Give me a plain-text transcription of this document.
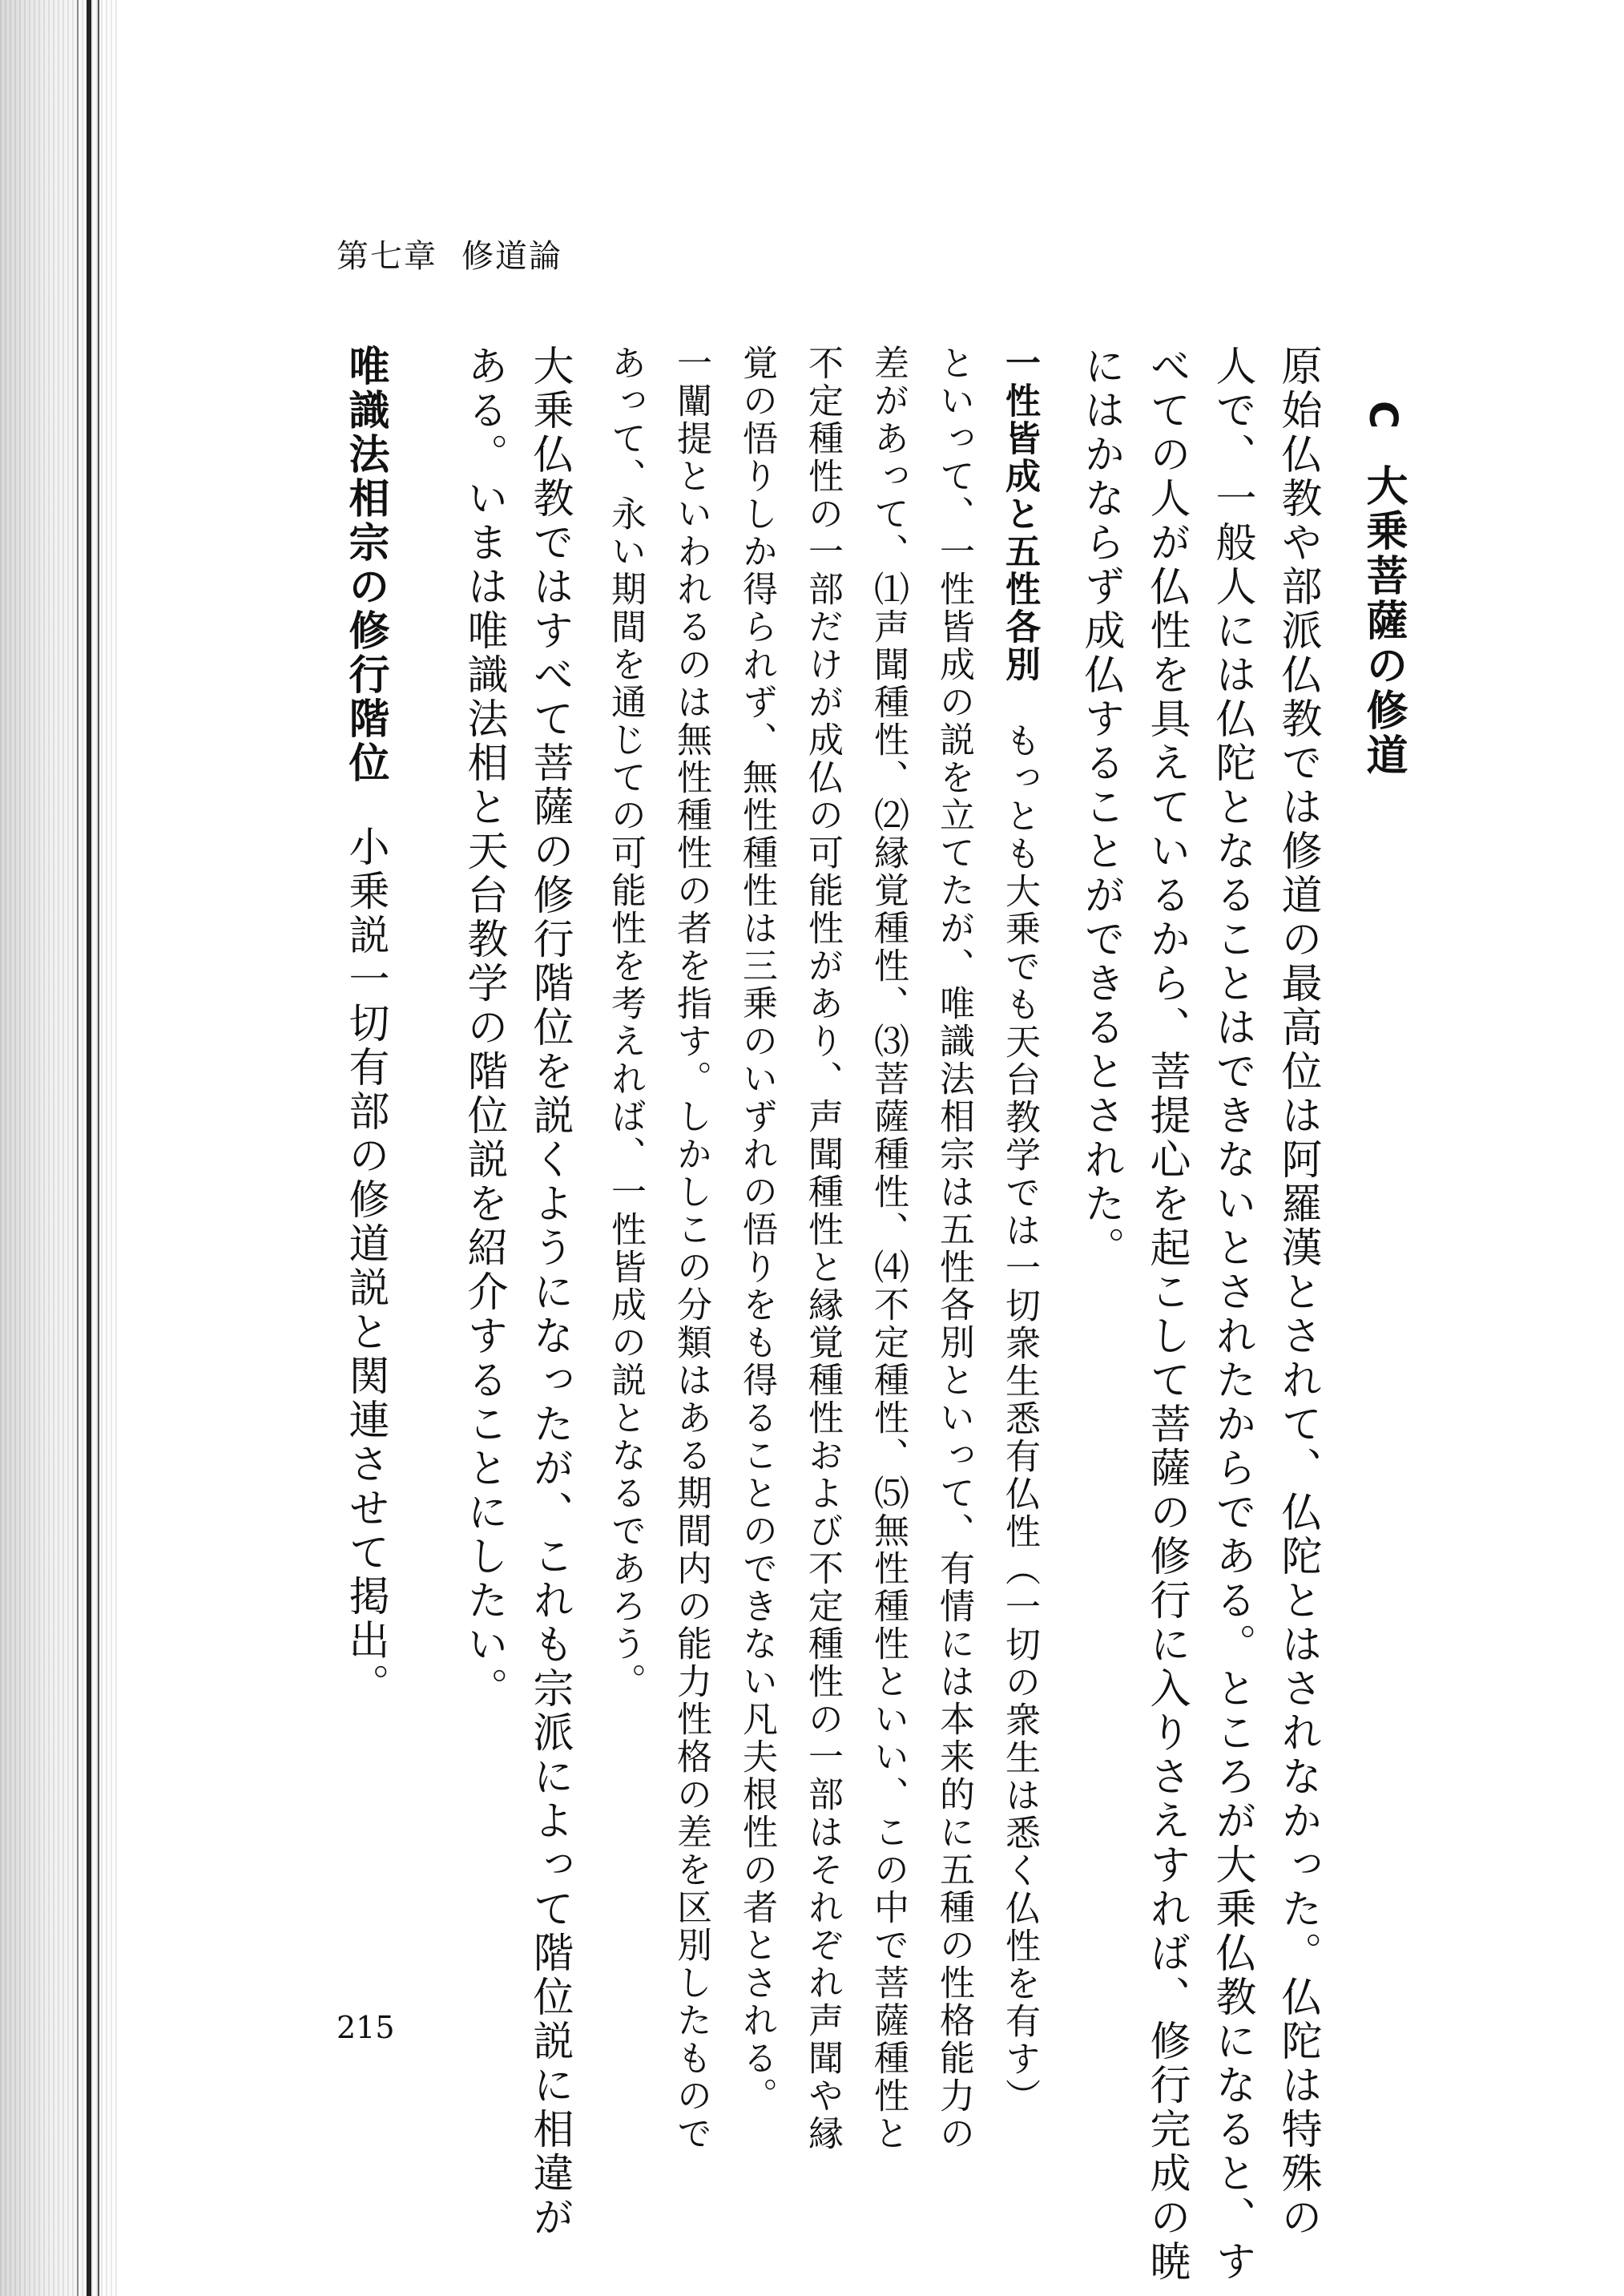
第七章 修道論
C大乗菩薩の修道
原始仏教や部派仏教では修道の最高位は阿羅漢とされて、仏陀とはされなかった。仏陀は特殊の
人で、一般人には仏陀となることはできないとされたからである。ところが大乗仏教になると、す
べての人が仏性を具えているから、菩提心を起こして菩薩の修行に入りさえすれば、修行完成の暁
にはかならず成仏することができるとされた。
一性皆成と五性各別もっとも大乗でも天台教学では一切衆生悉有仏性（一切の衆生は悉く仏性を有す）
といって、一性皆成の説を立てたが、唯識法相宗は五性各別といって、有情には本来的に五種の性格能力の
差があって、⑴声聞種性、⑵縁覚種性、⑶菩薩種性、⑷不定種性、⑸無性種性といい、この中で菩薩種性と
不定種性の一部だけが成仏の可能性があり、声聞種性と縁覚種性および不定種性の一部はそれぞれ声聞や縁
覚の悟りしか得られず、無性種性は三乗のいずれの悟りをも得ることのできない凡夫根性の者とされる。
一闡提といわれるのは無性種性の者を指す。しかしこの分類はある期間内の能力性格の差を区別したもので
あって、永い期間を通じての可能性を考えれば、一性皆成の説となるであろう。
大乗仏教ではすべて菩薩の修行階位を説くようになったが、これも宗派によって階位説に相違が
ある。いまは唯識法相と天台教学の階位説を紹介することにしたい。
唯識法相宗の修行階位小乗説一切有部の修道説と関連させて掲出。
215
